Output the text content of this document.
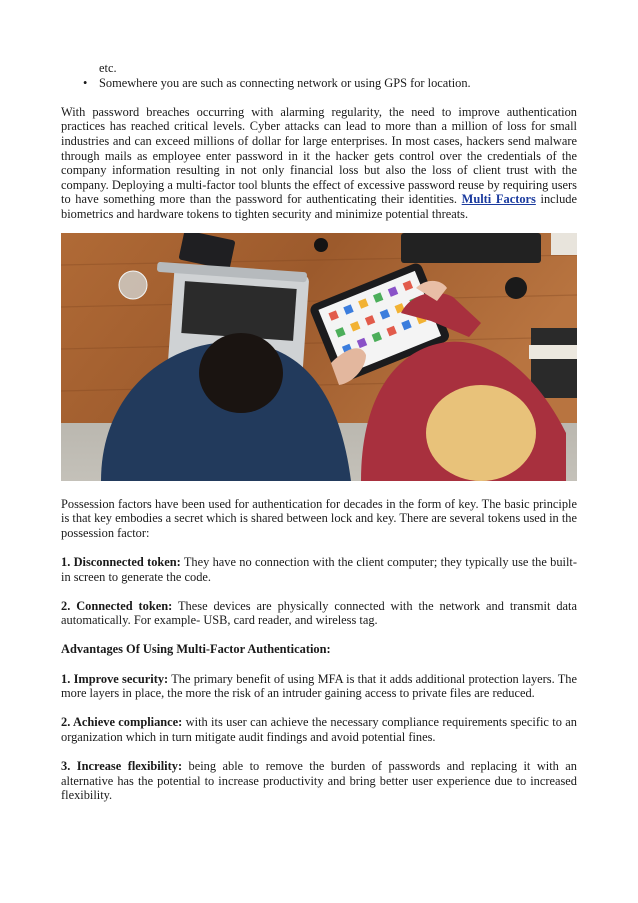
etc.

• Somewhere you are such as connecting network or using GPS for location.

With password breaches occurring with alarming regularity, the need to improve authentication practices has reached critical levels. Cyber attacks can lead to more than a million of loss for small industries and can exceed millions of dollar for large enterprises. In most cases, hackers send malware through mails as employee enter password in it the hacker gets control over the credentials of the company information resulting in not only financial loss but also the loss of client trust with the company. Deploying a multi-factor tool blunts the effect of excessive password reuse by requiring users to have something more than the password for authenticating their identities. Multi Factors include biometrics and hardware tokens to tighten security and minimize potential threats.

Possession factors have been used for authentication for decades in the form of key. The basic principle is that key embodies a secret which is shared between lock and key. There are several tokens used in the possession factor:

1. Disconnected token: They have no connection with the client computer; they typically use the built-in screen to generate the code.

2. Connected token: These devices are physically connected with the network and transmit data automatically. For example- USB, card reader, and wireless tag.

Advantages Of Using Multi-Factor Authentication:

1. Improve security: The primary benefit of using MFA is that it adds additional protection layers. The more layers in place, the more the risk of an intruder gaining access to private files are reduced.

2. Achieve compliance: with its user can achieve the necessary compliance requirements specific to an organization which in turn mitigate audit findings and avoid potential fines.

3. Increase flexibility: being able to remove the burden of passwords and replacing it with an alternative has the potential to increase productivity and bring better user experience due to increased flexibility.
